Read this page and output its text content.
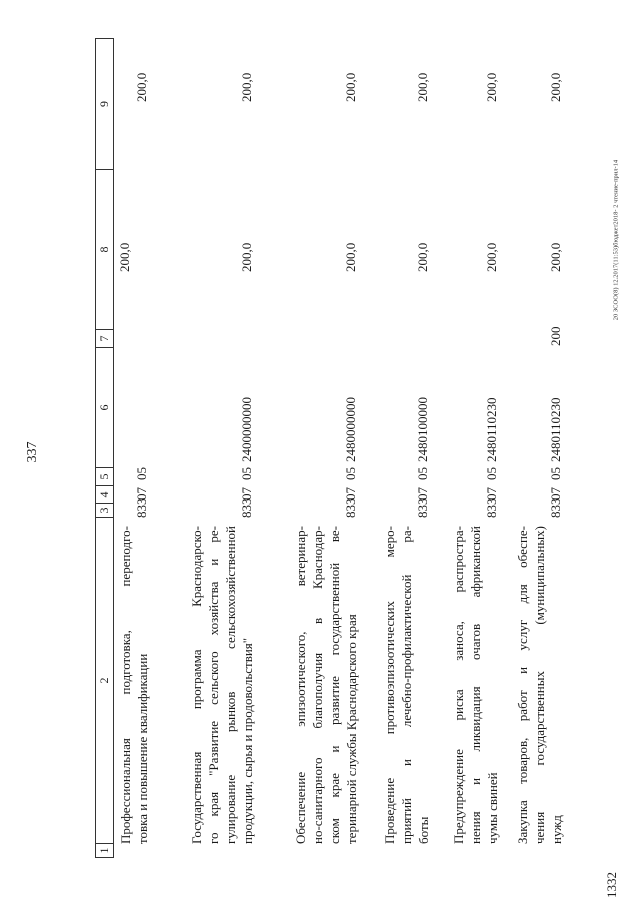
337
1332
20 ЗСОО(8) 12.2017(11:53)бюджет2018- 2 чтение-прил-14
1
2
3
4
5
6
7
8
9
Профессиональная подготовка, переподго- товка и повышение квалификации
833
07
05
200,0
200,0
Государственная программа Краснодарско- го края "Развитие сельского хозяйства и ре- гулирование рынков сельскохозяйственной продукции, сырья и продовольствия"
833
07
05
2400000000
200,0
200,0
Обеспечение эпизоотического, ветеринар- но-санитарного благополучия в Краснодар- ском крае и развитие государственной ве- теринарной службы Краснодарского края
833
07
05
2480000000
200,0
200,0
Проведение противоэпизоотических меро- приятий и лечебно-профилактической ра- боты
833
07
05
2480100000
200,0
200,0
Предупреждение риска заноса, распростра- нения и ликвидация очагов африканской чумы свиней
833
07
05
2480110230
200,0
200,0
Закупка товаров, работ и услуг для обеспе- чения государственных (муниципальных) нужд
833
07
05
2480110230
200
200,0
200,0
